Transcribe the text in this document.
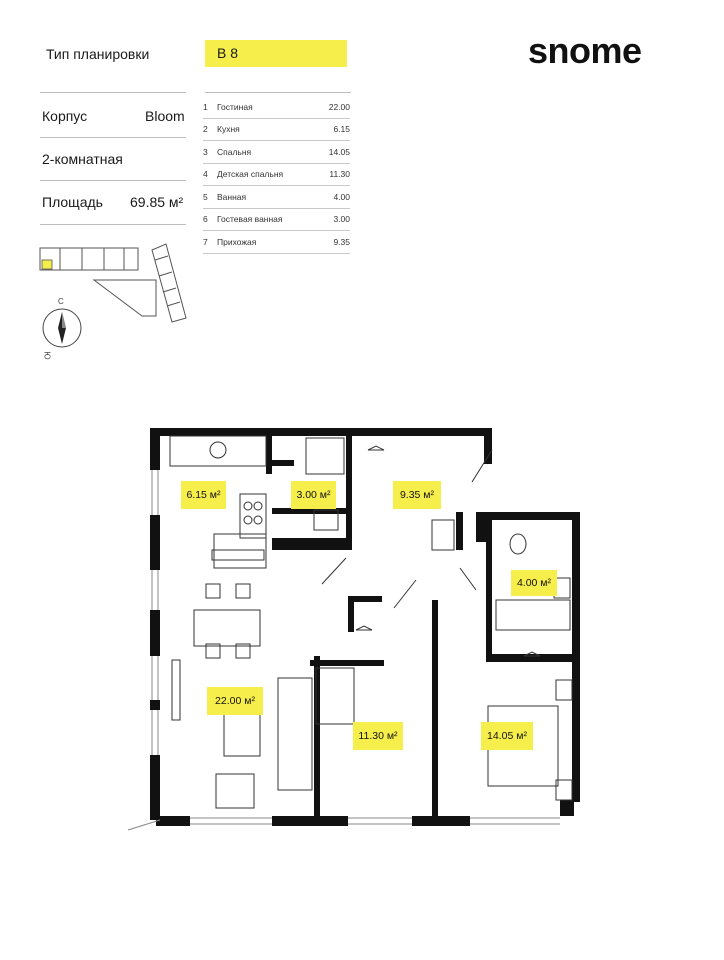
Тип планировки	B 8	snome
Корпус	Bloom
2-комнатная
Площадь 69.85 м²
1	Гостиная	22.00
2	Кухня	6.15
3	Спальня	14.05
4	Детская спальня	11.30
5	Ванная	4.00
6	Гостевая ванная	3.00
7	Прихожая	9.35
С
Ю
6.15 м²	3.00 м²	9.35 м²
4.00 м²
22.00 м²
11.30 м²	14.05 м²
